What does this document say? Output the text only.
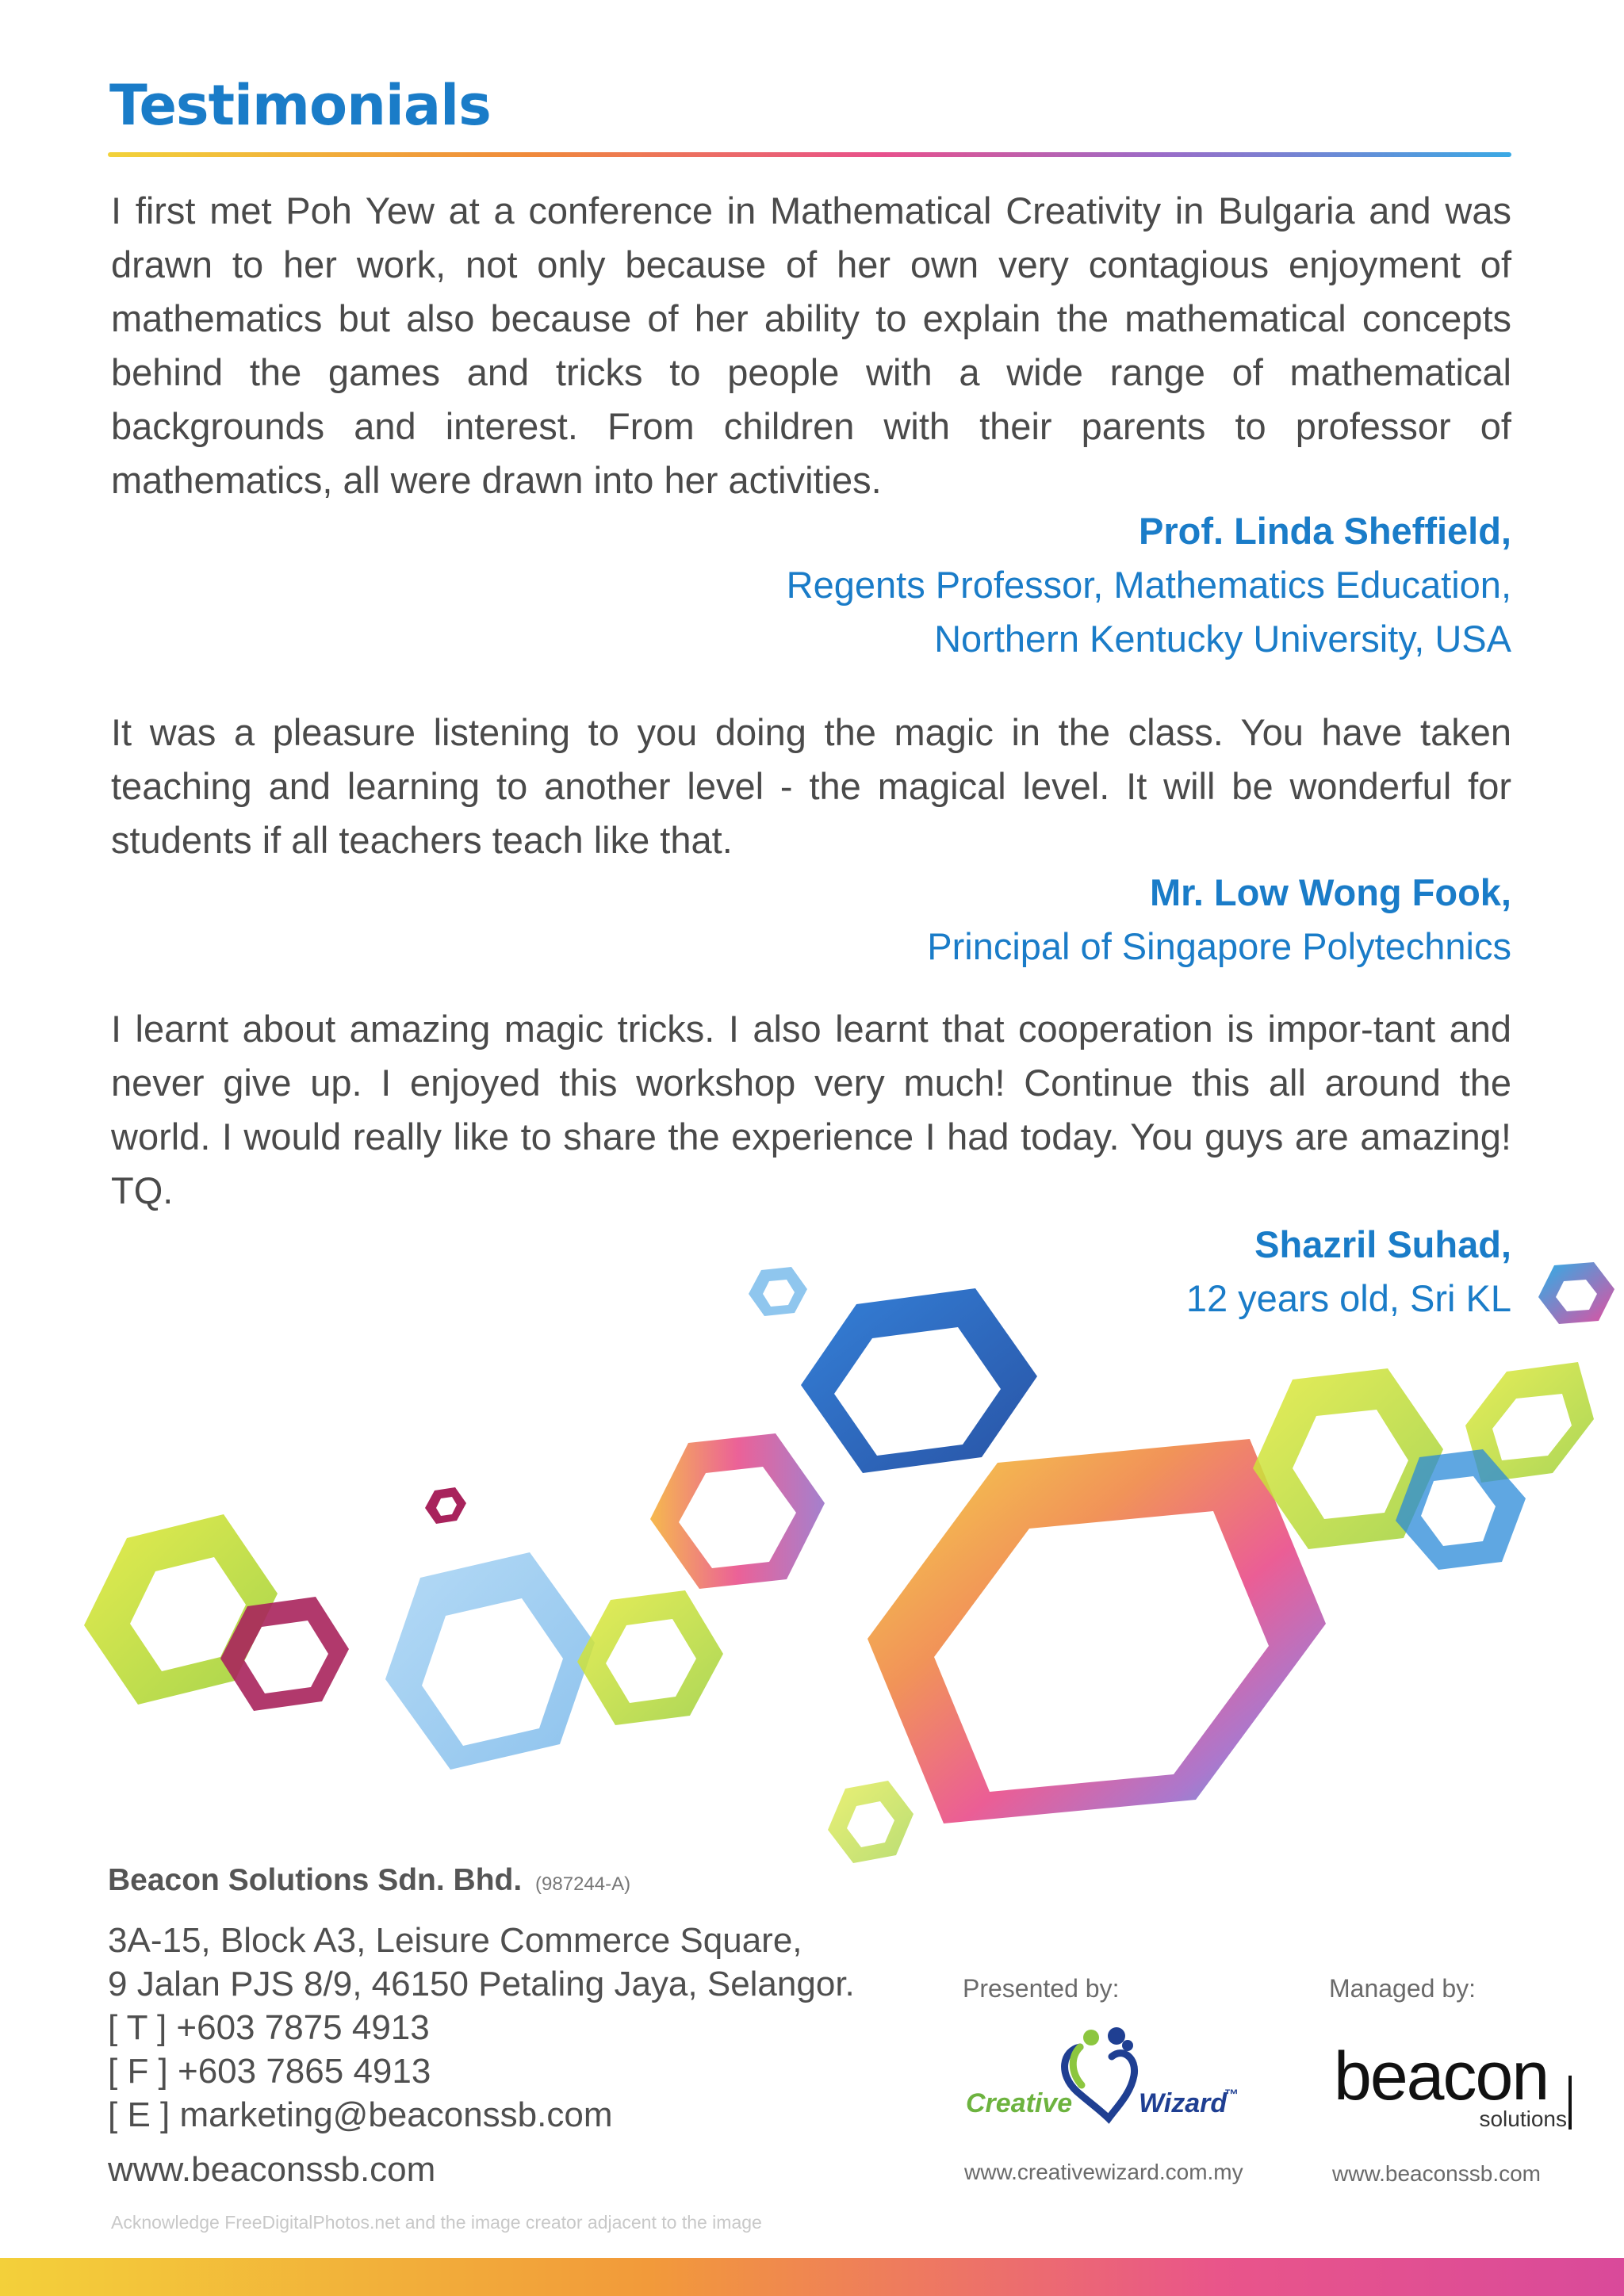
Testimonials

I first met Poh Yew at a conference in Mathematical Creativity in Bulgaria and was drawn to her work, not only because of her own very contagious enjoyment of mathematics but also because of her ability to explain the mathematical concepts behind the games and tricks to people with a wide range of mathematical backgrounds and interest. From children with their parents to professor of mathematics, all were drawn into her activities.

Prof. Linda Sheffield,
Regents Professor, Mathematics Education,
Northern Kentucky University, USA

It was a pleasure listening to you doing the magic in the class. You have taken teaching and learning to another level - the magical level. It will be wonderful for students if all teachers teach like that.

Mr. Low Wong Fook,
Principal of Singapore Polytechnics

I learnt about amazing magic tricks. I also learnt that cooperation is impor-tant and never give up. I enjoyed this workshop very much! Continue this all around the world. I would really like to share the experience I had today. You guys are amazing! TQ.

Shazril Suhad,
12 years old, Sri KL
Beacon Solutions Sdn. Bhd. (987244-A)
3A-15, Block A3, Leisure Commerce Square,
9 Jalan PJS 8/9, 46150 Petaling Jaya, Selangor.
[ T ] +603 7875 4913
[ F ] +603 7865 4913
[ E ] marketing@beaconssb.com
www.beaconssb.com
Acknowledge FreeDigitalPhotos.net and the image creator adjacent to the image
Presented by:
Creative Wizard
™
www.creativewizard.com.my
Managed by:
beacon
solutions
www.beaconssb.com
